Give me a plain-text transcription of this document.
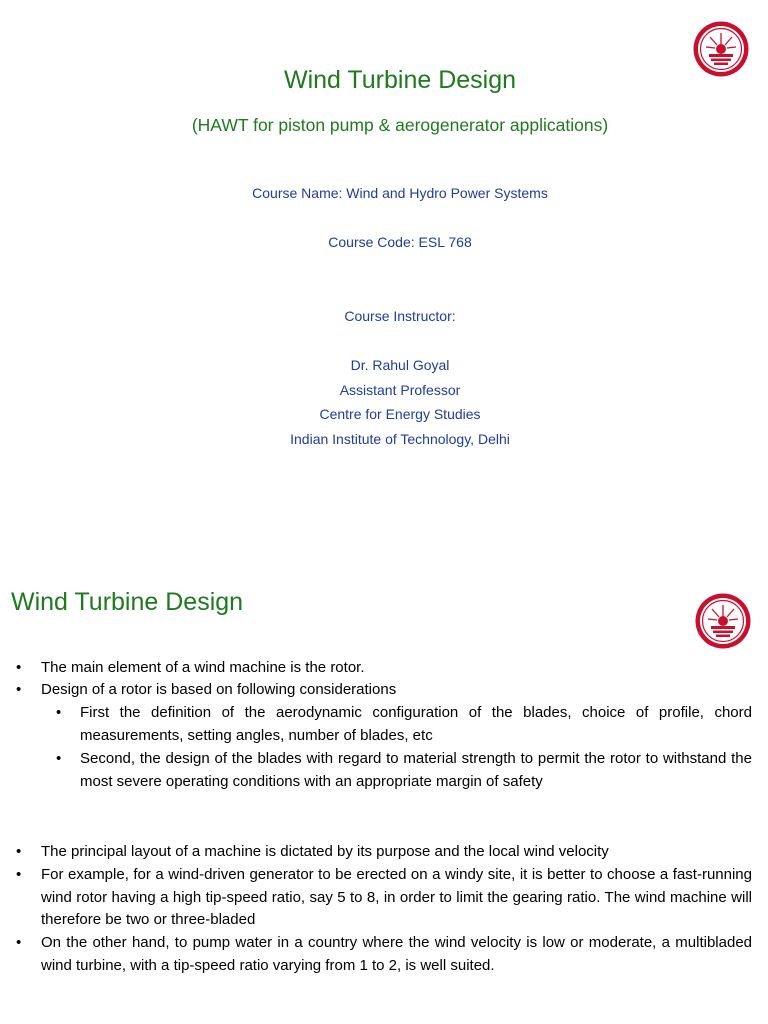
Wind Turbine Design
(HAWT for piston pump & aerogenerator applications)
Course Name: Wind and Hydro Power Systems
Course Code: ESL 768
Course Instructor:
Dr. Rahul Goyal
Assistant Professor
Centre for Energy Studies
Indian Institute of Technology, Delhi
Wind Turbine Design
• The main element of a wind machine is the rotor.
• Design of a rotor is based on following considerations
• First the definition of the aerodynamic configuration of the blades, choice of profile, chord measurements, setting angles, number of blades, etc
• Second, the design of the blades with regard to material strength to permit the rotor to withstand the most severe operating conditions with an appropriate margin of safety
• The principal layout of a machine is dictated by its purpose and the local wind velocity
• For example, for a wind-driven generator to be erected on a windy site, it is better to choose a fast-running wind rotor having a high tip-speed ratio, say 5 to 8, in order to limit the gearing ratio. The wind machine will therefore be two or three-bladed
• On the other hand, to pump water in a country where the wind velocity is low or moderate, a multibladed wind turbine, with a tip-speed ratio varying from 1 to 2, is well suited.
